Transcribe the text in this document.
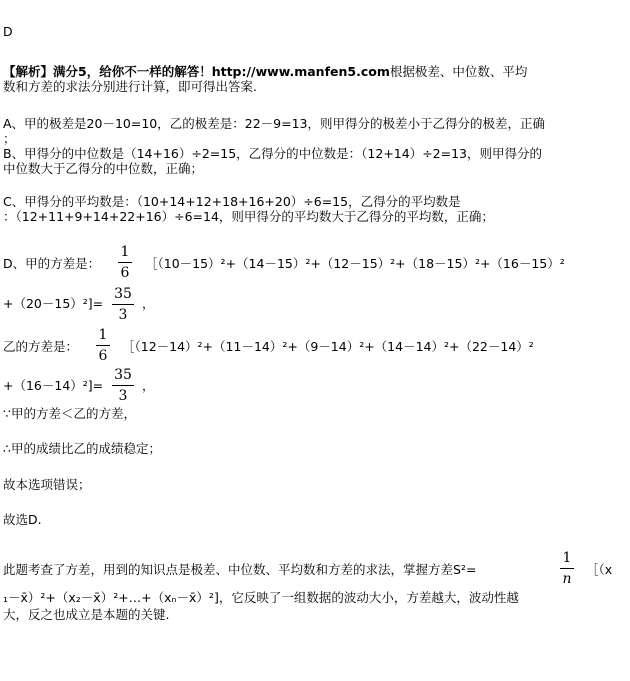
D
【解析】满分5，给你不一样的解答！http://www.manfen5.com根据极差、中位数、平均
数和方差的求法分别进行计算，即可得出答案.
A、甲的极差是20－10=10，乙的极差是：22－9=13，则甲得分的极差小于乙得分的极差，正确
；
B、甲得分的中位数是（14+16）÷2=15，乙得分的中位数是：（12+14）÷2=13，则甲得分的
中位数大于乙得分的中位数，正确；
C、甲得分的平均数是：（10+14+12+18+16+20）÷6=15，乙得分的平均数是
：（12+11+9+14+22+16）÷6=14，则甲得分的平均数大于乙得分的平均数，正确；
D、甲的方差是：
1
6
［（10－15）²+（14－15）²+（12－15）²+（18－15）²+（16－15）²
+（20－15）²]=
35
3
，
乙的方差是：
1
6
［（12－14）²+（11－14）²+（9－14）²+（14－14）²+（22－14）²
+（16－14）²]=
35
3
，
∵甲的方差＜乙的方差，
∴甲的成绩比乙的成绩稳定；
故本选项错误；
故选D.
此题考查了方差，用到的知识点是极差、中位数、平均数和方差的求法，掌握方差S²=
1
n
［（x
₁－x̄）²+（x₂－x̄）²+…+（xₙ－x̄）²]，它反映了一组数据的波动大小，方差越大，波动性越
大，反之也成立是本题的关键.
